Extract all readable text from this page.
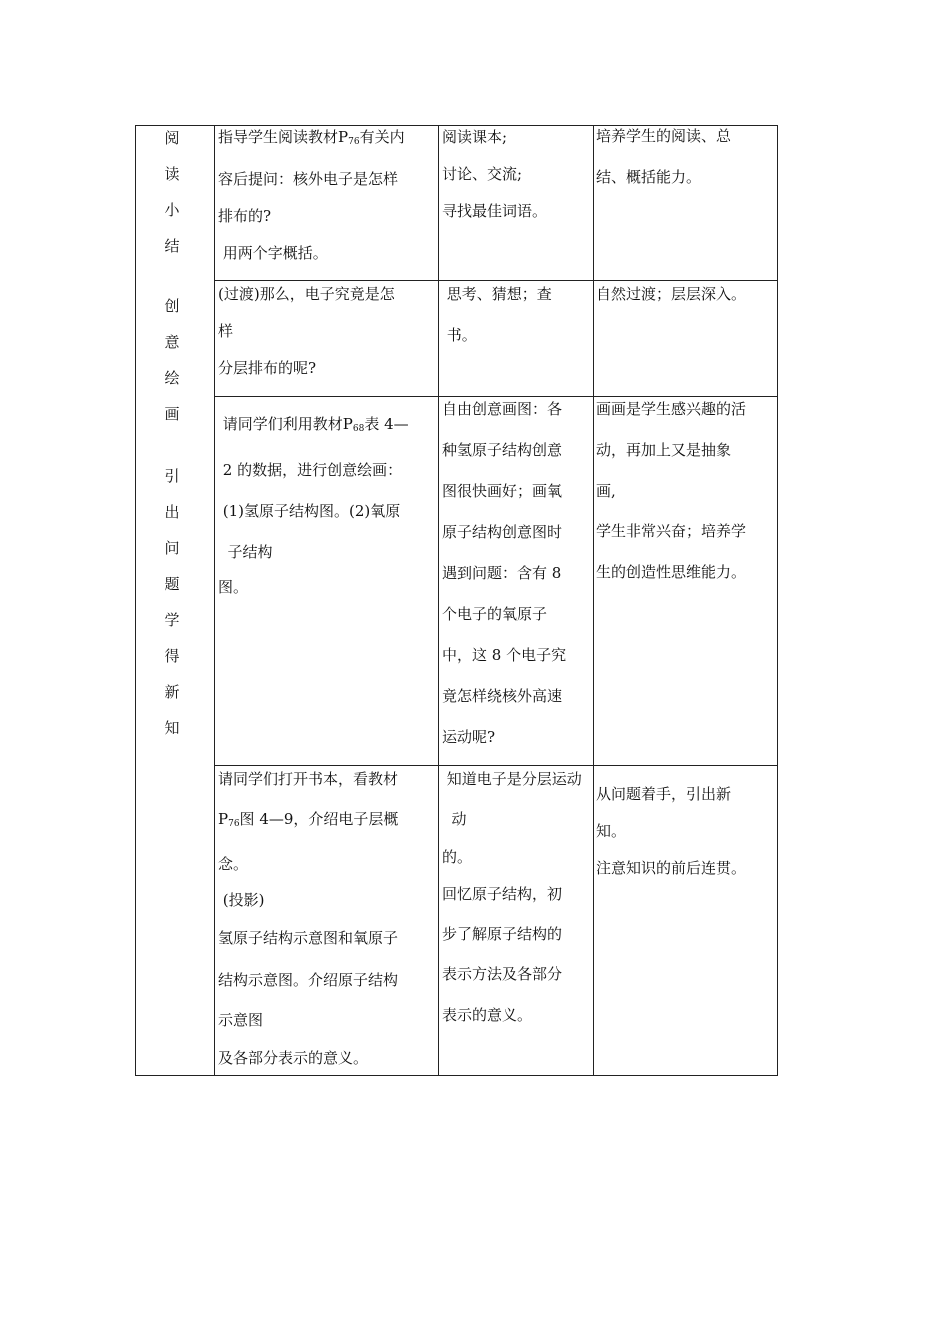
阅
读
小
结
创
意
绘
画
引
出
问
题
学
得
新
知

指导学生阅读教材$P_{76}$有关内

容后提问：核外电子是怎样

排布的?

用两个字概括。

阅读课本;

讨论、交流;

寻找最佳词语。

培养学生的阅读、总

结、概括能力。

(过渡)那么，电子究竟是怎

样

分层排布的呢?

思考、猜想；查

书。

自然过渡；层层深入。

请同学们利用教材$P_{68}$表 4—

2 的数据，进行创意绘画：

(1)氢原子结构图。(2)氧原

子结构

图。

自由创意画图：各

种氢原子结构创意

图很快画好；画氧

原子结构创意图时

遇到问题：含有 8

个电子的氧原子

中，这 8 个电子究

竟怎样绕核外高速

运动呢?

画画是学生感兴趣的活

动，再加上又是抽象

画,

学生非常兴奋；培养学

生的创造性思维能力。

请同学们打开书本，看教材

$P_{76}$图 4—9，介绍电子层概

念。

(投影)

氢原子结构示意图和氧原子

结构示意图。介绍原子结构

示意图

及各部分表示的意义。

知道电子是分层运动

动

的。

回忆原子结构，初

步了解原子结构的

表示方法及各部分

表示的意义。

从问题着手，引出新

知。

注意知识的前后连贯。
